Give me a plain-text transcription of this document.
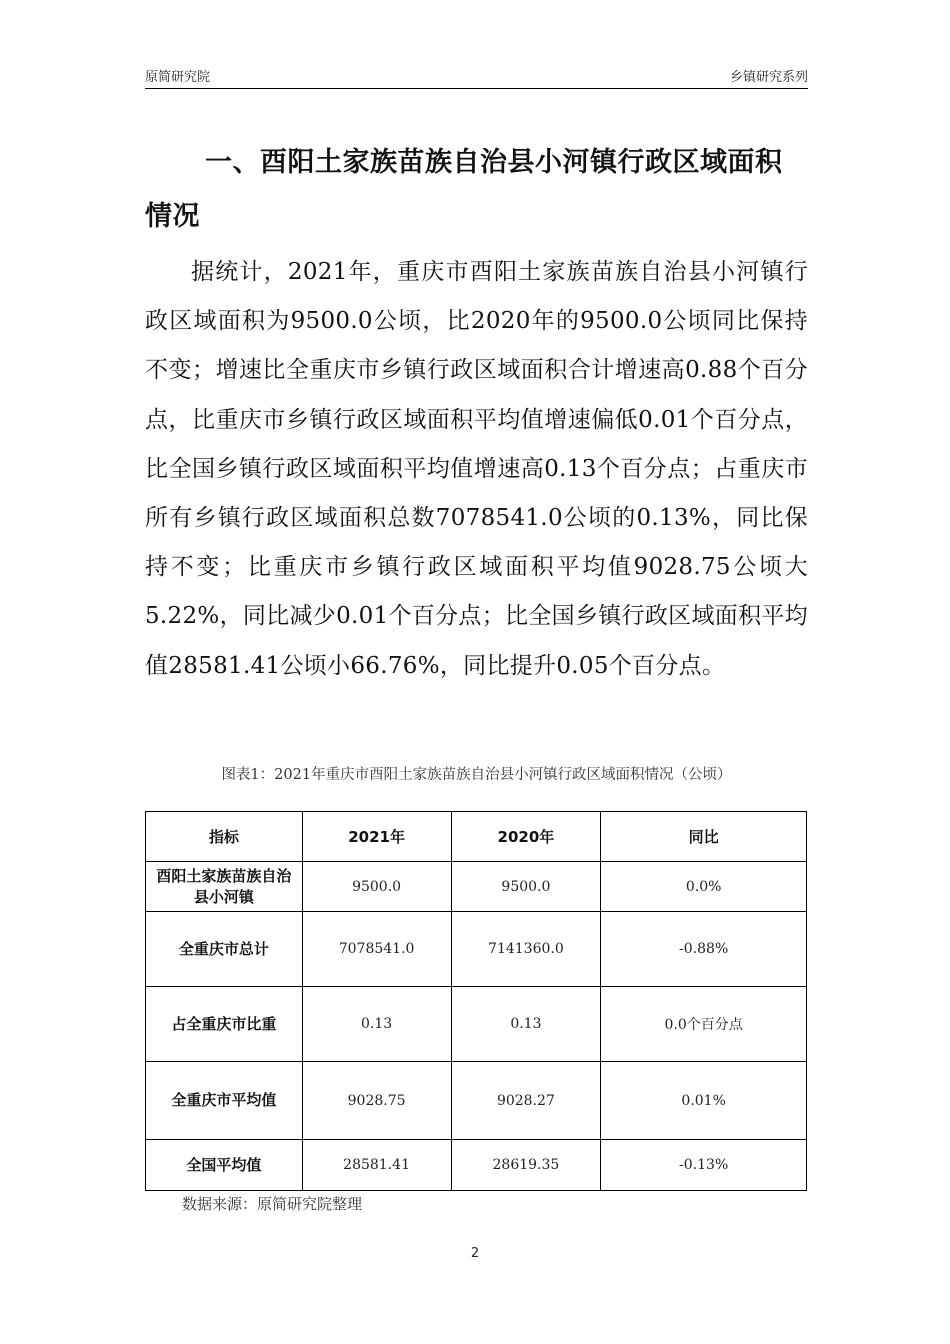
原简研究院	乡镇研究系列
一、酉阳土家族苗族自治县小河镇行政区域面积情况

据统计，2021年，重庆市酉阳土家族苗族自治县小河镇行政区域面积为9500.0公顷，比2020年的9500.0公顷同比保持不变；增速比全重庆市乡镇行政区域面积合计增速高0.88个百分点，比重庆市乡镇行政区域面积平均值增速偏低0.01个百分点，比全国乡镇行政区域面积平均值增速高0.13个百分点；占重庆市所有乡镇行政区域面积总数7078541.0公顷的0.13%，同比保持不变；比重庆市乡镇行政区域面积平均值9028.75公顷大5.22%，同比减少0.01个百分点；比全国乡镇行政区域面积平均值28581.41公顷小66.76%，同比提升0.05个百分点。

图表1：2021年重庆市酉阳土家族苗族自治县小河镇行政区域面积情况（公顷）
指标	2021年	2020年	同比
酉阳土家族苗族自治县小河镇	9500.0	9500.0	0.0%
全重庆市总计	7078541.0	7141360.0	-0.88%
占全重庆市比重	0.13	0.13	0.0个百分点
全重庆市平均值	9028.75	9028.27	0.01%
全国平均值	28581.41	28619.35	-0.13%
数据来源：原简研究院整理
2
